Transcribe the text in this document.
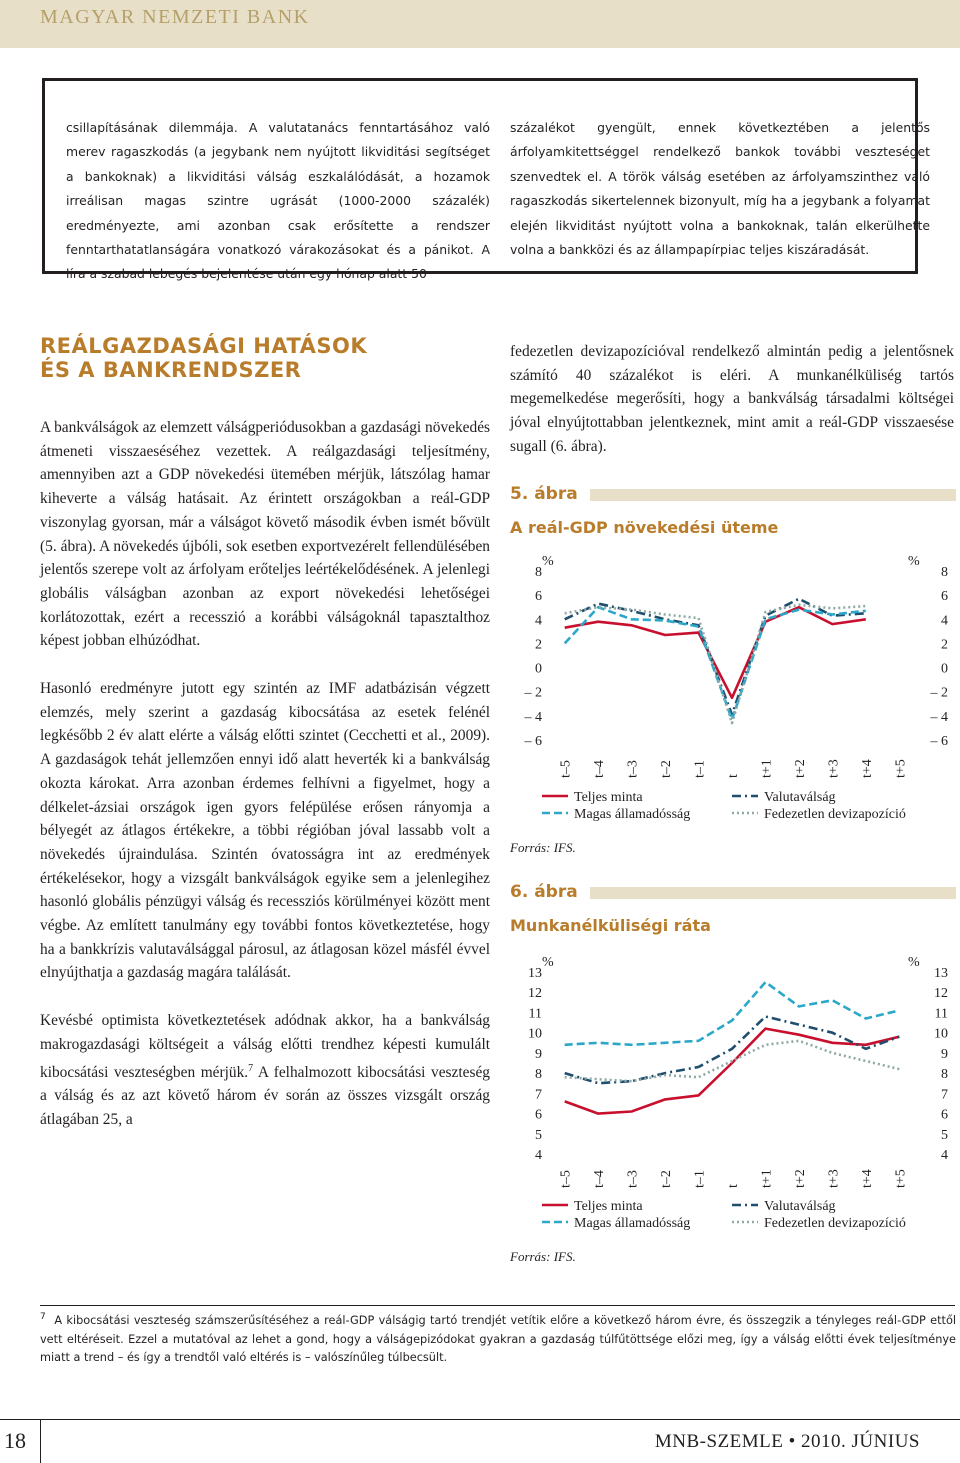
MAGYAR NEMZETI BANK

csillapításának dilemmája. A valutatanács fenntartásához való merev ragaszkodás (a jegybank nem nyújtott likviditási segítséget a bankoknak) a likviditási válság eszkalálódását, a hozamok irreálisan magas szintre ugrását (1000-2000 százalék) eredményezte, ami azonban csak erősítette a rendszer fenntarthatatlanságára vonatkozó várakozásokat és a pánikot. A líra a szabad lebegés bejelentése után egy hónap alatt 50

százalékot gyengült, ennek következtében a jelentős árfolyamkitettséggel rendelkező bankok további veszteséget szenvedtek el. A török válság esetében az árfolyamszinthez való ragaszkodás sikertelennek bizonyult, míg ha a jegybank a folyamat elején likviditást nyújtott volna a bankoknak, talán elkerülhette volna a bankközi és az állampapírpiac teljes kiszáradását.

REÁLGAZDASÁGI HATÁSOK
ÉS A BANKRENDSZER

A bankválságok az elemzett válságperiódusokban a gazdasági növekedés átmeneti visszaeséséhez vezettek. A reálgazdasági teljesítmény, amennyiben azt a GDP növekedési ütemében mérjük, látszólag hamar kiheverte a válság hatásait. Az érintett országokban a reál-GDP viszonylag gyorsan, már a válságot követő második évben ismét bővült (5. ábra). A növekedés újbóli, sok esetben exportvezérelt fellendülésében jelentős szerepe volt az árfolyam erőteljes leértékelődésének. A jelenlegi globális válságban azonban az export növekedési lehetőségei korlátozottak, ezért a recesszió a korábbi válságoknál tapasztalthoz képest jobban elhúzódhat.

Hasonló eredményre jutott egy szintén az IMF adatbázisán végzett elemzés, mely szerint a gazdaság kibocsátása az esetek felénél legkésőbb 2 év alatt elérte a válság előtti szintet (Cecchetti et al., 2009). A gazdaságok tehát jellemzően ennyi idő alatt heverték ki a bankválság okozta károkat. Arra azonban érdemes felhívni a figyelmet, hogy a délkelet-ázsiai országok igen gyors felépülése erősen rányomja a bélyegét az átlagos értékekre, a többi régióban jóval lassabb volt a növekedés újraindulása. Szintén óvatosságra int az eredmények értékelésekor, hogy a vizsgált bankválságok egyike sem a jelenlegihez hasonló globális pénzügyi válság és recessziós körülményei között ment végbe. Az említett tanulmány egy további fontos következtetése, hogy ha a bankkrízis valutaválsággal párosul, az átlagosan közel másfél évvel elnyújthatja a gazdaság magára találását.

Kevésbé optimista következtetések adódnak akkor, ha a bankválság makrogazdasági költségeit a válság előtti trendhez képesti kumulált kibocsátási veszteségben mérjük.$^7$ A felhalmozott kibocsátási veszteség a válság és az azt követő három év során az összes vizsgált ország átlagában 25, a

fedezetlen devizapozícióval rendelkező almintán pedig a jelentősnek számító 40 százalékot is eléri. A munkanélküliség tartós megemelkedése megerősíti, hogy a bankválság társadalmi költségei jóval elnyújtottabban jelentkeznek, mint amit a reál-GDP visszaesése sugall (6. ábra).

5. ábra
A reál-GDP növekedési üteme
%	%
8	8
6	6
4	4
2	2
0	0
– 2	– 2
– 4	– 4
– 6	– 6
t–5 t–4 t–3 t–2 t–1 t t+1 t+2 t+3 t+4 t+5
Teljes minta	Valutaválság
Magas államadósság	Fedezetlen devizapozíció
Forrás: IFS.
6. ábra
Munkanélküliségi ráta
%	%
13	13
12	12
11	11
10	10
9	9
8	8
7	7
6	6
5	5
4	4
t–5 t–4 t–3 t–2 t–1 t t+1 t+2 t+3 t+4 t+5
Teljes minta	Valutaválság
Magas államadósság	Fedezetlen devizapozíció
Forrás: IFS.

$^7$ A kibocsátási veszteség számszerűsítéséhez a reál-GDP válságig tartó trendjét vetítik előre a következő három évre, és összegzik a tényleges reál-GDP ettől vett eltéréseit. Ezzel a mutatóval az lehet a gond, hogy a válságepizódokat gyakran a gazdaság túlfűtöttsége előzi meg, így a válság előtti évek teljesítménye miatt a trend – és így a trendtől való eltérés is – valószínűleg túlbecsült.

18	MNB-SZEMLE • 2010. JÚNIUS
